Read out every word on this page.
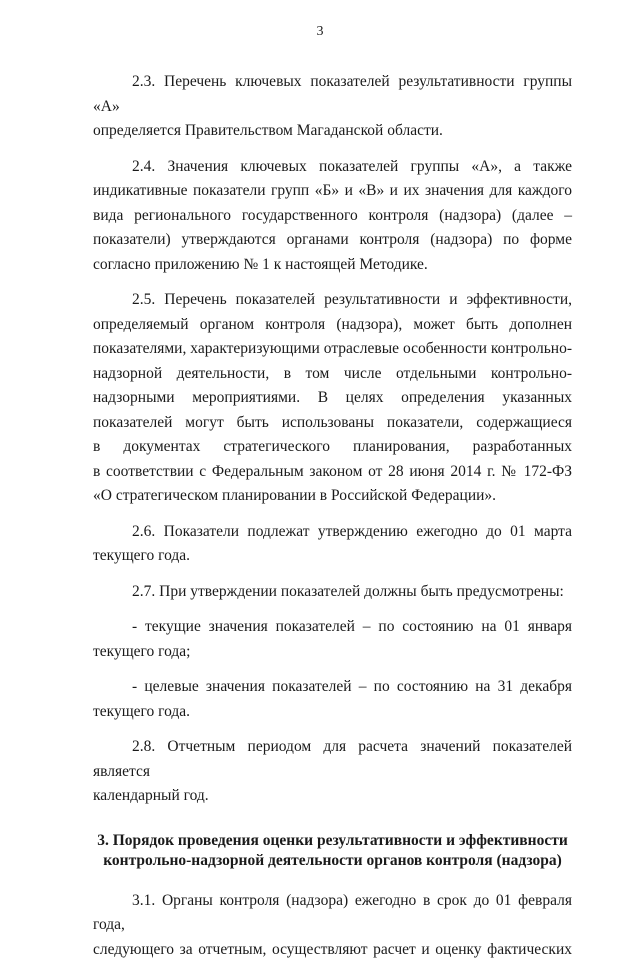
3

2.3. Перечень ключевых показателей результативности группы «А»
определяется Правительством Магаданской области.

2.4. Значения ключевых показателей группы «А», а также
индикативные показатели групп «Б» и «В» и их значения для каждого
вида регионального государственного контроля (надзора) (далее –
показатели) утверждаются органами контроля (надзора) по форме
согласно приложению № 1 к настоящей Методике.

2.5. Перечень показателей результативности и эффективности,
определяемый органом контроля (надзора), может быть дополнен
показателями, характеризующими отраслевые особенности контрольно-
надзорной деятельности, в том числе отдельными контрольно-
надзорными мероприятиями. В целях определения указанных
показателей могут быть использованы показатели, содержащиеся
в документах стратегического планирования, разработанных
в соответствии с Федеральным законом от 28 июня 2014 г. № 172-ФЗ
«О стратегическом планировании в Российской Федерации».

2.6. Показатели подлежат утверждению ежегодно до 01 марта
текущего года.

2.7. При утверждении показателей должны быть предусмотрены:

- текущие значения показателей – по состоянию на 01 января
текущего года;

- целевые значения показателей – по состоянию на 31 декабря
текущего года.

2.8. Отчетным периодом для расчета значений показателей является
календарный год.

3. Порядок проведения оценки результативности и эффективности
контрольно-надзорной деятельности органов контроля (надзора)

3.1. Органы контроля (надзора) ежегодно в срок до 01 февраля года,
следующего за отчетным, осуществляют расчет и оценку фактических
